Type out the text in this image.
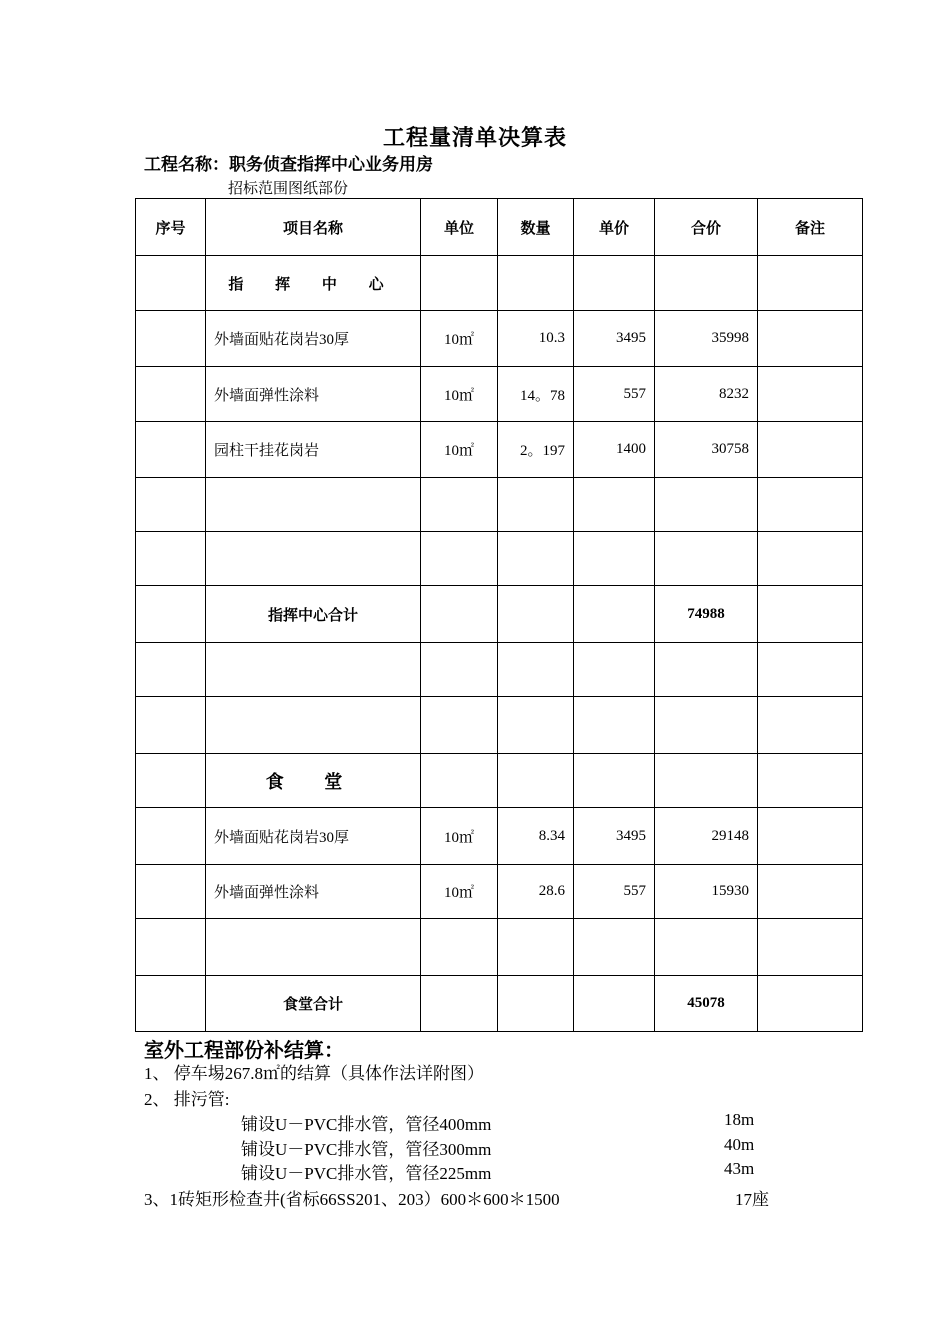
工程量清单决算表
工程名称：职务侦查指挥中心业务用房
招标范围图纸部份
序号	项目名称	单位	数量	单价	合价	备注
	指 挥 中 心					
	外墙面贴花岗岩30厚	10㎡	10.3	3495	35998	
	外墙面弹性涂料	10㎡	14。78	557	8232	
	园柱干挂花岗岩	10㎡	2。197	1400	30758	

	指挥中心合计				74988	

	食 堂					
	外墙面贴花岗岩30厚	10㎡	8.34	3495	29148	
	外墙面弹性涂料	10㎡	28.6	557	15930	

	食堂合计				45078	
室外工程部份补结算：
1、 停车埸267.8㎡的结算（具体作法详附图）
2、 排污管:
铺设U－PVC排水管，管径400mm	18m
铺设U－PVC排水管，管径300mm	40m
铺设U－PVC排水管，管径225mm	43m
3、1砖矩形检查井(省标66SS201、203）600＊600＊1500	17座
